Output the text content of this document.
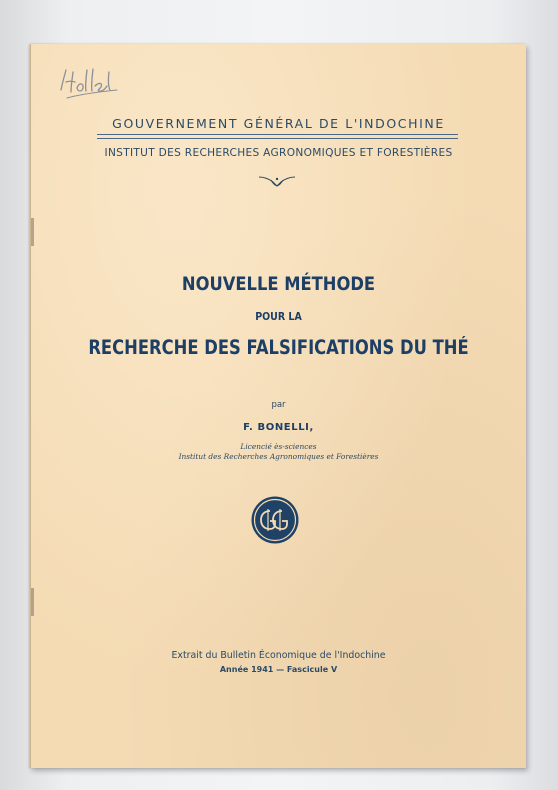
GOUVERNEMENT GÉNÉRAL DE L'INDOCHINE
INSTITUT DES RECHERCHES AGRONOMIQUES ET FORESTIÈRES
NOUVELLE MÉTHODE
POUR LA
RECHERCHE DES FALSIFICATIONS DU THÉ
par
F. BONELLI,
Licencié ès-sciences
Institut des Recherches Agronomiques et Forestières
Extrait du Bulletin Économique de l'Indochine
Année 1941 — Fascicule V
